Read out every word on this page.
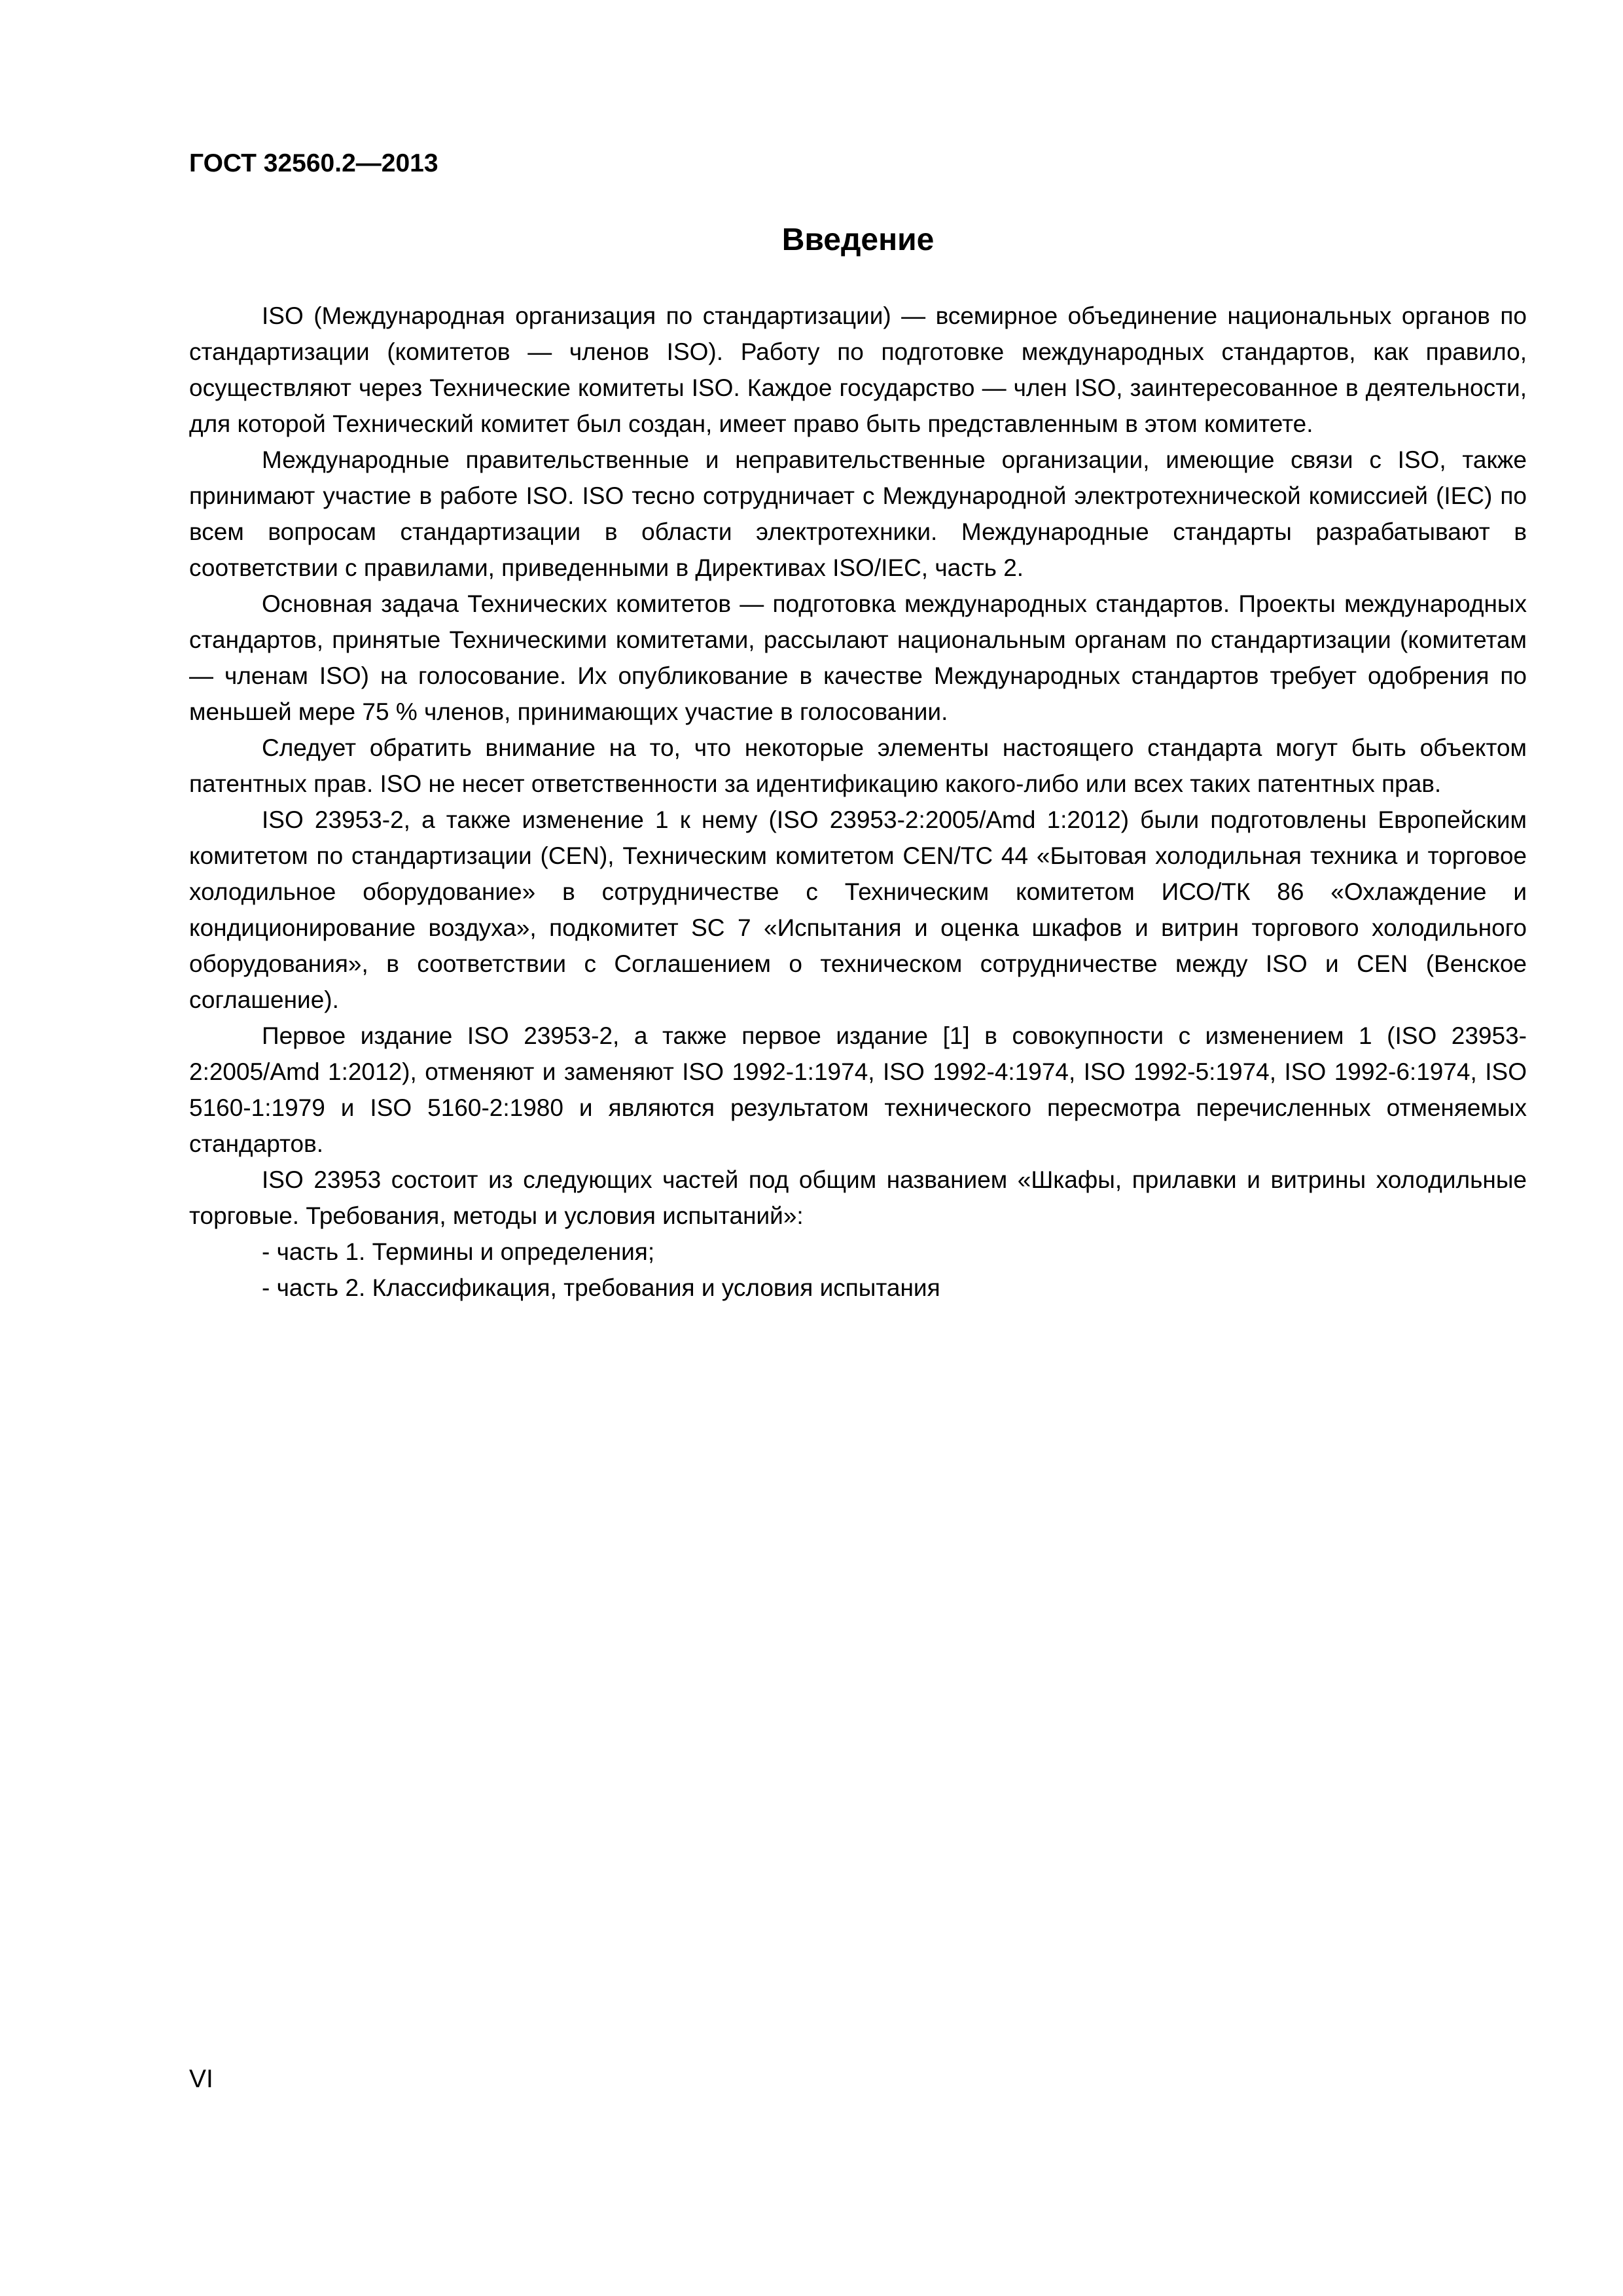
ГОСТ 32560.2—2013
Введение

ISO (Международная организация по стандартизации) — всемирное объединение национальных органов по стандартизации (комитетов — членов ISO). Работу по подготовке международных стандартов, как правило, осуществляют через Технические комитеты ISO. Каждое государство — член ISO, заинтересованное в деятельности, для которой Технический комитет был создан, имеет право быть представленным в этом комитете.

Международные правительственные и неправительственные организации, имеющие связи с ISO, также принимают участие в работе ISO. ISO тесно сотрудничает с Международной электротехнической комиссией (IEC) по всем вопросам стандартизации в области электротехники. Международные стандарты разрабатывают в соответствии с правилами, приведенными в Директивах ISO/IEC, часть 2.

Основная задача Технических комитетов — подготовка международных стандартов. Проекты международных стандартов, принятые Техническими комитетами, рассылают национальным органам по стандартизации (комитетам — членам ISO) на голосование. Их опубликование в качестве Международных стандартов требует одобрения по меньшей мере 75 % членов, принимающих участие в голосовании.

Следует обратить внимание на то, что некоторые элементы настоящего стандарта могут быть объектом патентных прав. ISO не несет ответственности за идентификацию какого-либо или всех таких патентных прав.

ISO 23953-2, а также изменение 1 к нему (ISO 23953-2:2005/Amd 1:2012) были подготовлены Европейским комитетом по стандартизации (CEN), Техническим комитетом CEN/TC 44 «Бытовая холодильная техника и торговое холодильное оборудование» в сотрудничестве с Техническим комитетом ИСО/ТК 86 «Охлаждение и кондиционирование воздуха», подкомитет SC 7 «Испытания и оценка шкафов и витрин торгового холодильного оборудования», в соответствии с Соглашением о техническом сотрудничестве между ISO и CEN (Венское соглашение).

Первое издание ISO 23953-2, а также первое издание [1] в совокупности с изменением 1 (ISO 23953-2:2005/Amd 1:2012), отменяют и заменяют ISO 1992-1:1974, ISO 1992-4:1974, ISO 1992-5:1974, ISO 1992-6:1974, ISO 5160-1:1979 и ISO 5160-2:1980 и являются результатом технического пересмотра перечисленных отменяемых стандартов.

ISO 23953 состоит из следующих частей под общим названием «Шкафы, прилавки и витрины холодильные торговые. Требования, методы и условия испытаний»:

- часть 1. Термины и определения;
- часть 2. Классификация, требования и условия испытания
VI
